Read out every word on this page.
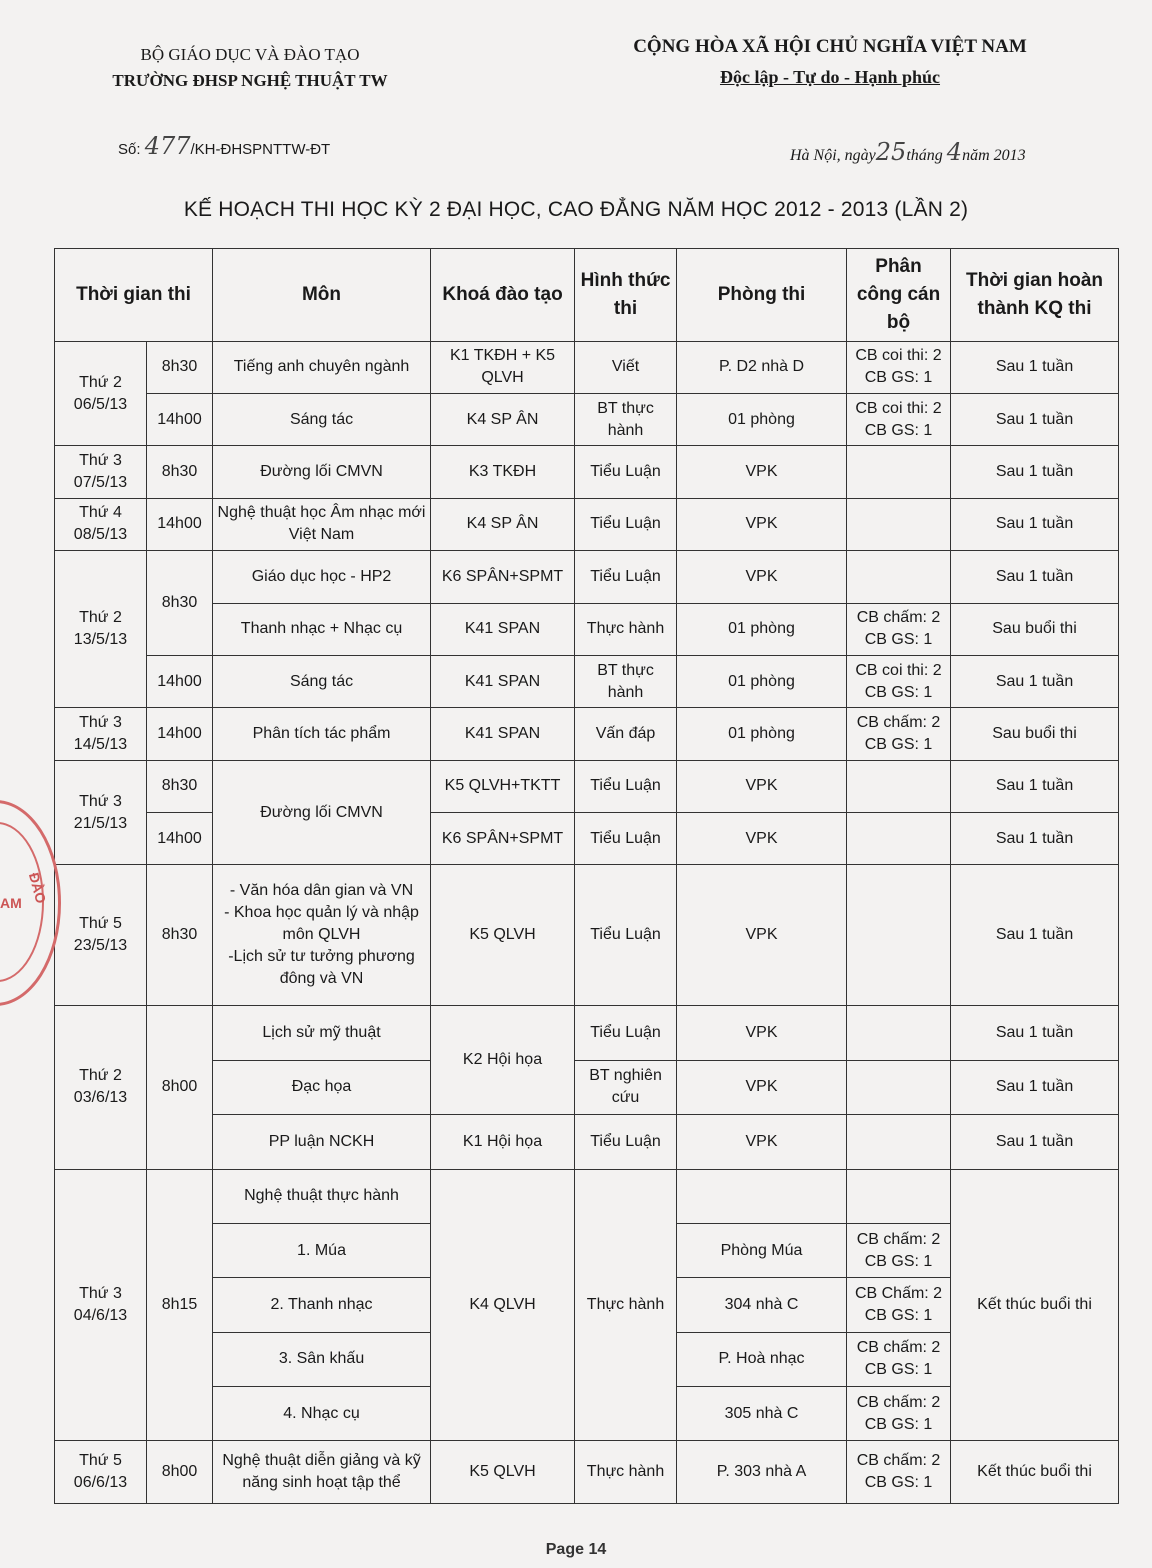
BỘ GIÁO DỤC VÀ ĐÀO TẠO
TRƯỜNG ĐHSP NGHỆ THUẬT TW
CỘNG HÒA XÃ HỘI CHỦ NGHĨA VIỆT NAM
Độc lập - Tự do - Hạnh phúc
Số: 477/KH-ĐHSPNTTW-ĐT	Hà Nội, ngày25tháng 4năm 2013
KẾ HOẠCH THI HỌC KỲ 2 ĐẠI HỌC, CAO ĐẲNG NĂM HỌC 2012 - 2013 (LẦN 2)
Thời gian thi		Môn	Khoá đào tạo	Hình thức thi	Phòng thi	Phân công cán bộ	Thời gian hoàn thành KQ thi
Thứ 2 06/5/13	8h30	Tiếng anh chuyên ngành	K1 TKĐH + K5 QLVH	Viết	P. D2 nhà D	CB coi thi: 2
CB GS: 1	Sau 1 tuần
	14h00	Sáng tác	K4 SP ÂN	BT thực hành	01 phòng	CB coi thi: 2
CB GS: 1	Sau 1 tuần
Thứ 3 07/5/13	8h30	Đường lối CMVN	K3 TKĐH	Tiểu Luận	VPK		Sau 1 tuần
Thứ 4 08/5/13	14h00	Nghệ thuật học Âm nhạc mới Việt Nam	K4 SP ÂN	Tiểu Luận	VPK		Sau 1 tuần
Thứ 2 13/5/13	8h30	Giáo dục học - HP2	K6 SPÂN+SPMT	Tiểu Luận	VPK		Sau 1 tuần
		Thanh nhạc + Nhạc cụ	K41 SPAN	Thực hành	01 phòng	CB chấm: 2
CB GS: 1	Sau buổi thi
	14h00	Sáng tác	K41 SPAN	BT thực hành	01 phòng	CB coi thi: 2
CB GS: 1	Sau 1 tuần
Thứ 3 14/5/13	14h00	Phân tích tác phẩm	K41 SPAN	Vấn đáp	01 phòng	CB chấm: 2
CB GS: 1	Sau buổi thi
Thứ 3 21/5/13	8h30	Đường lối CMVN	K5 QLVH+TKTT	Tiểu Luận	VPK		Sau 1 tuần
	14h00		K6 SPÂN+SPMT	Tiểu Luận	VPK		Sau 1 tuần
Thứ 5 23/5/13	8h30	- Văn hóa dân gian và VN
- Khoa học quản lý và nhập môn QLVH
-Lịch sử tư tưởng phương đông và VN	K5 QLVH	Tiểu Luận	VPK		Sau 1 tuần
Thứ 2 03/6/13	8h00	Lịch sử mỹ thuật	K2 Hội họa	Tiểu Luận	VPK		Sau 1 tuần
		Đạc họa		BT nghiên cứu	VPK		Sau 1 tuần
		PP luận NCKH	K1 Hội họa	Tiểu Luận	VPK		Sau 1 tuần
Thứ 3 04/6/13	8h15	Nghệ thuật thực hành	K4 QLVH	Thực hành			Kết thúc buổi thi
		1. Múa			Phòng Múa	CB chấm: 2
CB GS: 1	

		2. Thanh nhạc			304 nhà C	CB Chấm: 2
CB GS: 1	

		3. Sân khấu			P. Hoà nhạc	CB chấm: 2
CB GS: 1	

		4. Nhạc cụ			305 nhà C	CB chấm: 2
CB GS: 1	

Thứ 5 06/6/13	8h00	Nghệ thuật diễn giảng và kỹ năng sinh hoạt tập thể	K5 QLVH	Thực hành	P. 303 nhà A	CB chấm: 2
CB GS: 1	Kết thúc buổi thi
ĐÀO
AM
Page 14
